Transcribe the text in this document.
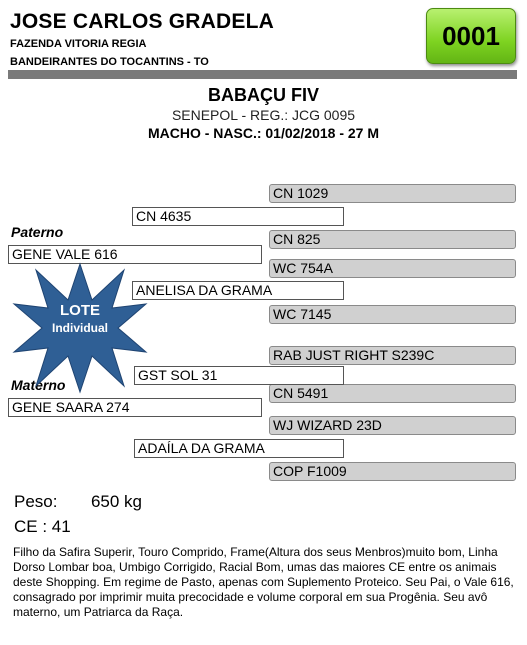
JOSE CARLOS GRADELA
FAZENDA VITORIA REGIA
BANDEIRANTES DO TOCANTINS - TO
0001
BABAÇU FIV
SENEPOL - REG.: JCG 0095
MACHO - NASC.: 01/02/2018 - 27 M
CN 1029
CN 825
WC 754A
WC 7145
RAB JUST RIGHT S239C
CN 5491
WJ WIZARD 23D
COP F1009
CN 4635
ANELISA DA GRAMA
GST SOL 31
ADAÍLA DA GRAMA
Paterno
GENE VALE 616
Materno
GENE SAARA 274
LOTE
Individual
Peso: 650 kg
CE : 41
Filho da Safira Superir, Touro Comprido, Frame(Altura dos seus Menbros)muito bom, Linha Dorso Lombar boa, Umbigo Corrigido, Racial Bom, umas das maiores CE entre os animais deste Shopping. Em regime de Pasto, apenas com Suplemento Proteico. Seu Pai, o Vale 616, consagrado por imprimir muita precocidade e volume corporal em sua Progênia. Seu avô materno, um Patriarca da Raça.
